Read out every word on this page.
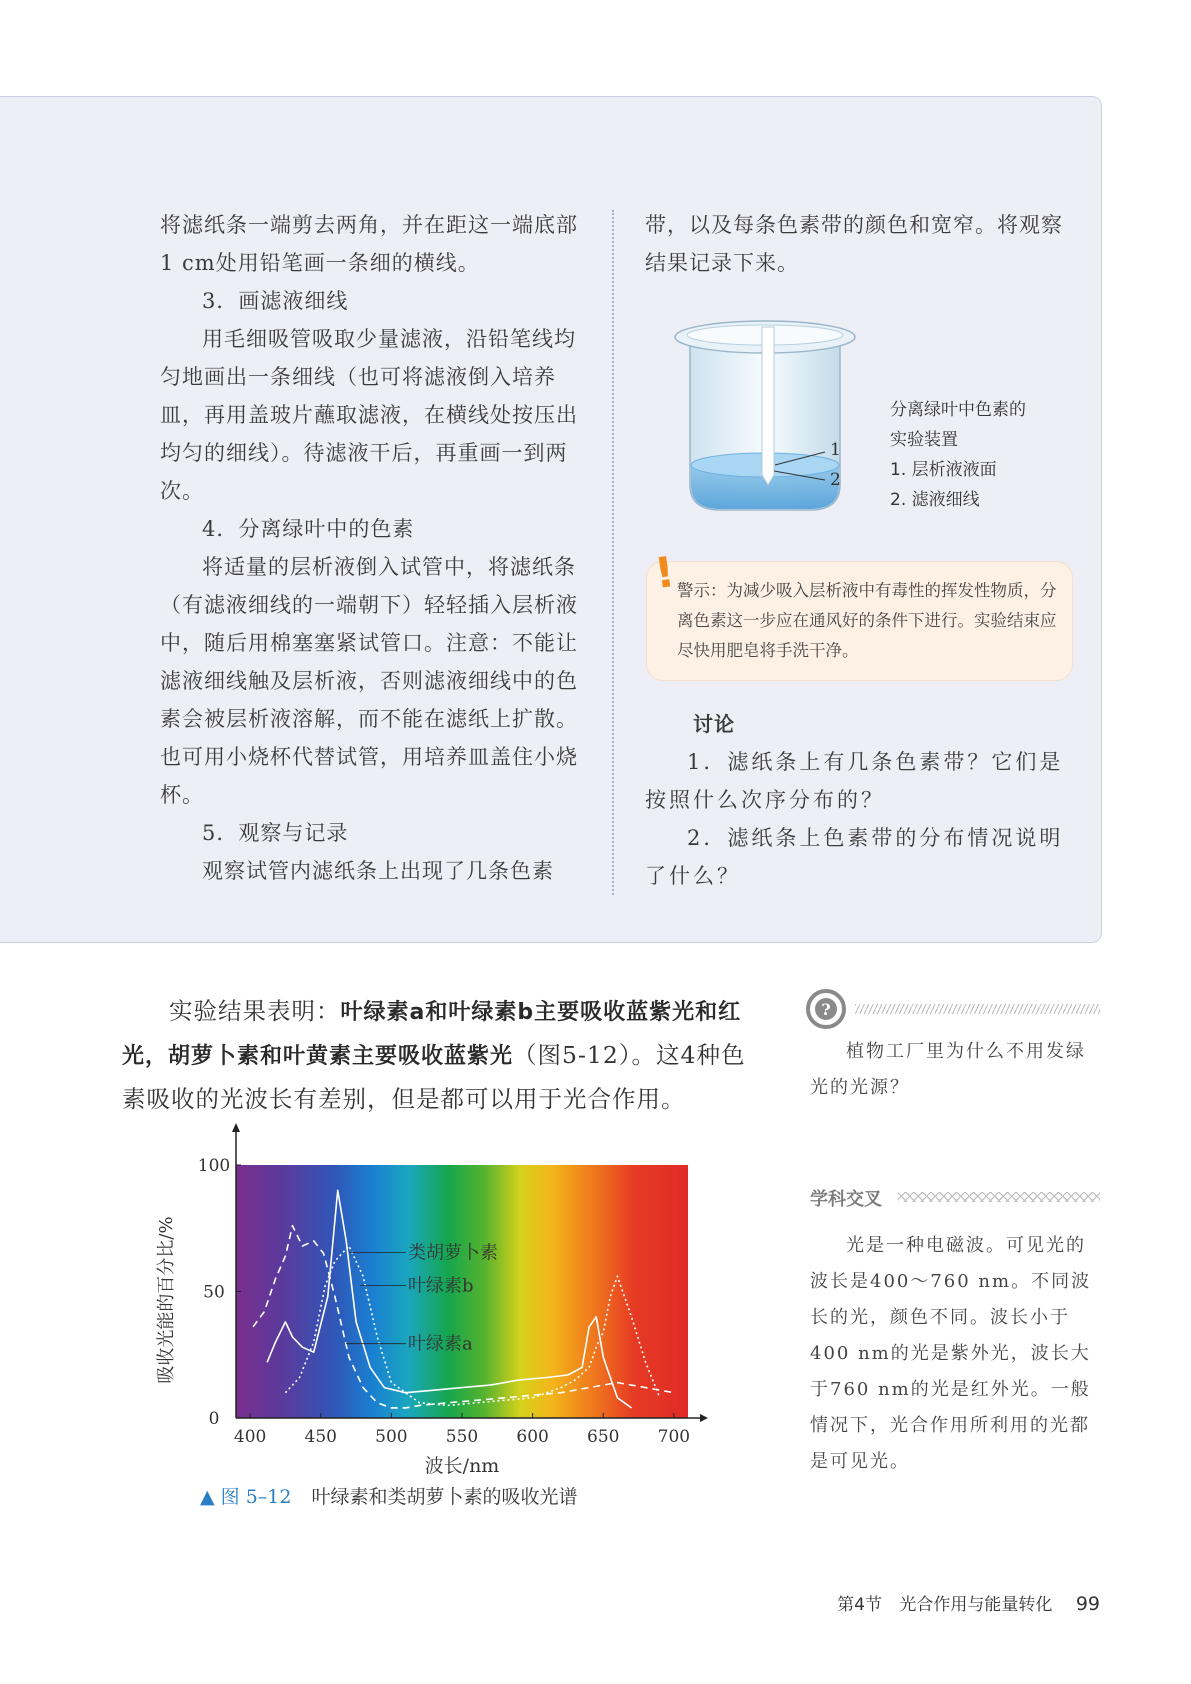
将滤纸条一端剪去两角，并在距这一端底部1 cm处用铅笔画一条细的横线。

3．画滤液细线

用毛细吸管吸取少量滤液，沿铅笔线均匀地画出一条细线（也可将滤液倒入培养皿，再用盖玻片蘸取滤液，在横线处按压出均匀的细线）。待滤液干后，再重画一到两次。

4．分离绿叶中的色素

将适量的层析液倒入试管中，将滤纸条（有滤液细线的一端朝下）轻轻插入层析液中，随后用棉塞塞紧试管口。注意：不能让滤液细线触及层析液，否则滤液细线中的色素会被层析液溶解，而不能在滤纸上扩散。也可用小烧杯代替试管，用培养皿盖住小烧杯。

5．观察与记录

观察试管内滤纸条上出现了几条色素

带，以及每条色素带的颜色和宽窄。将观察结果记录下来。

1
2
分离绿叶中色素的
实验装置
1. 层析液液面
2. 滤液细线
! 警示：为减少吸入层析液中有毒性的挥发性物质，分离色素这一步应在通风好的条件下进行。实验结束应尽快用肥皂将手洗干净。

讨论

1．滤纸条上有几条色素带？它们是按照什么次序分布的？

2．滤纸条上色素带的分布情况说明了什么？

实验结果表明：叶绿素a和叶绿素b主要吸收蓝紫光和红光，胡萝卜素和叶黄素主要吸收蓝紫光（图5-12）。这4种色素吸收的光波长有差别，但是都可以用于光合作用。

?

植物工厂里为什么不用发绿光的光源？

学科交叉

光是一种电磁波。可见光的波长是400～760 nm。不同波长的光，颜色不同。波长小于400 nm的光是紫外光，波长大于760 nm的光是红外光。一般情况下，光合作用所利用的光都是可见光。

400 450 500 550 600 650 700
0
50
100
类胡萝卜素
叶绿素b
叶绿素a
波长/nm
吸收光能的百分比/%
▲ 图 5–12 叶绿素和类胡萝卜素的吸收光谱
第4节 光合作用与能量转化 99
